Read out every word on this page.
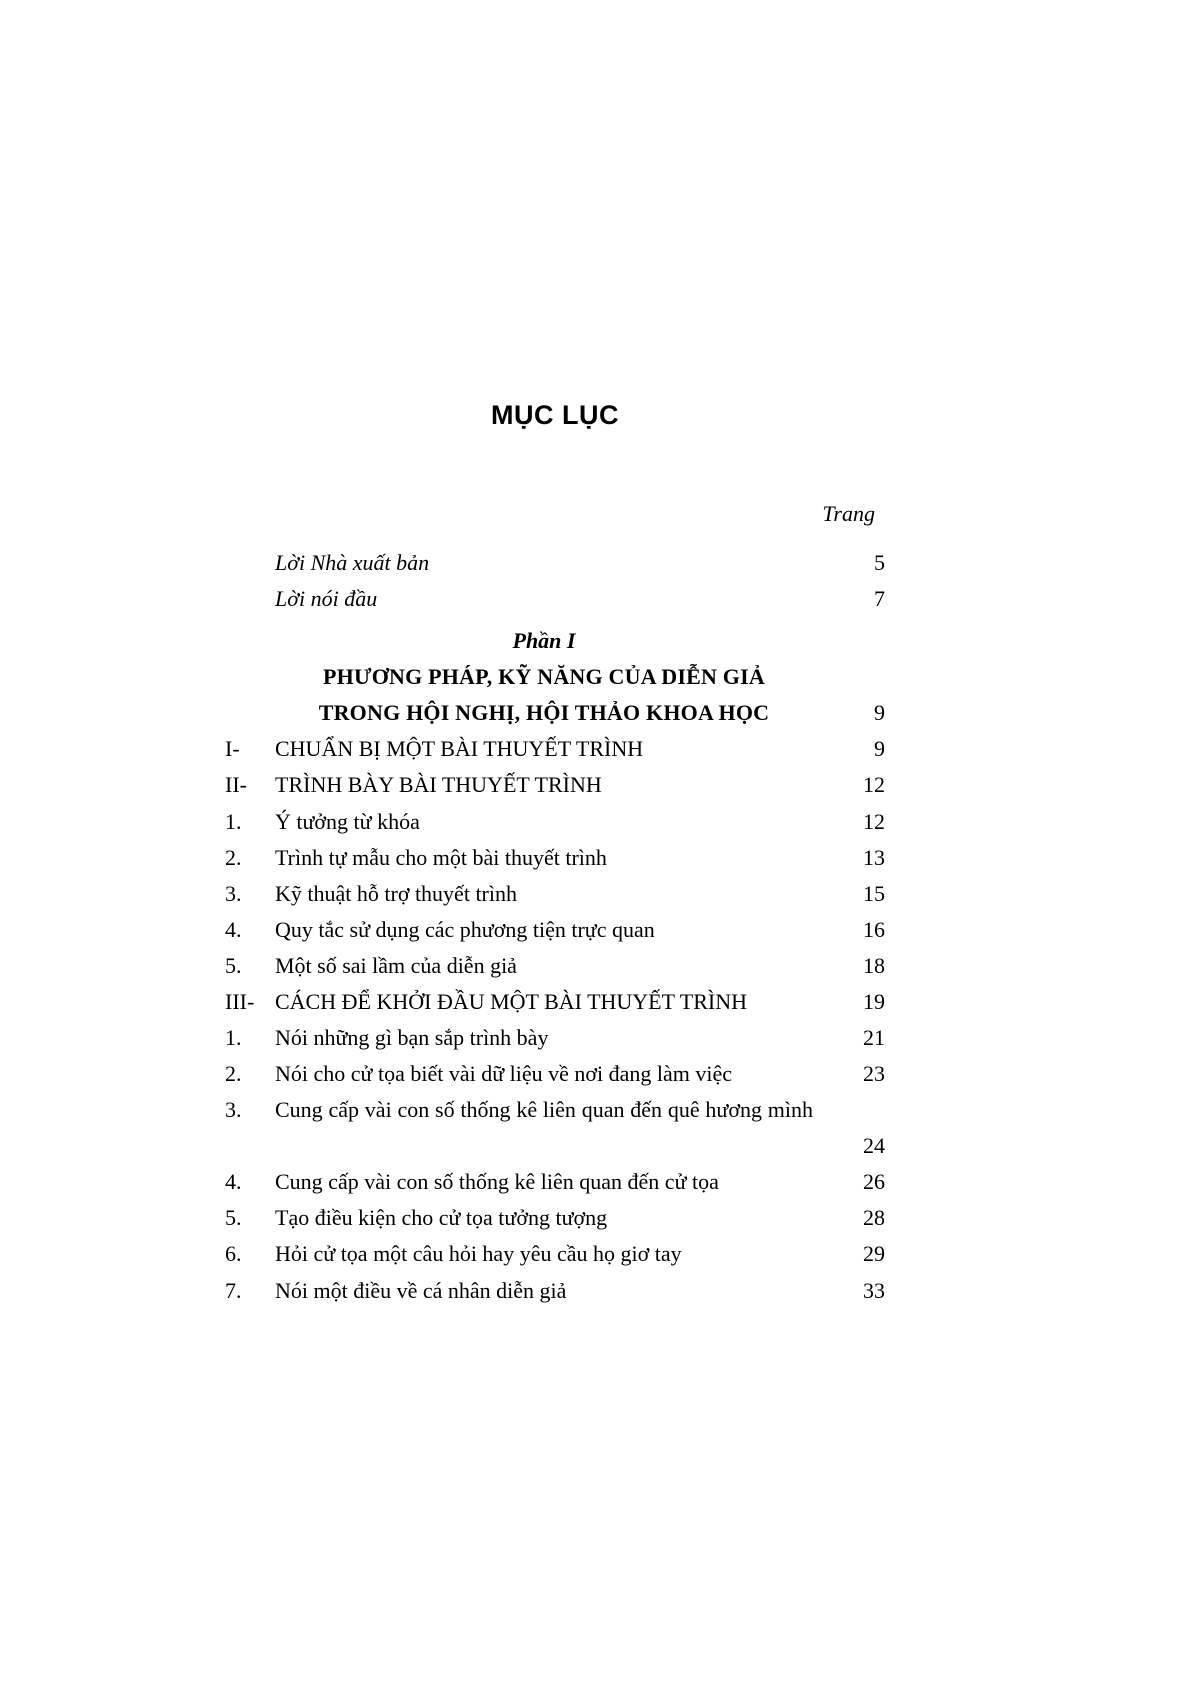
MỤC LỤC
Trang
	Lời Nhà xuất bản	5
	Lời nói đầu	7
	Phần I	
	PHƯƠNG PHÁP, KỸ NĂNG CỦA DIỄN GIẢ	
	TRONG HỘI NGHỊ, HỘI THẢO KHOA HỌC	9
I-	CHUẨN BỊ MỘT BÀI THUYẾT TRÌNH	9
II-	TRÌNH BÀY BÀI THUYẾT TRÌNH	12
1.	Ý tưởng từ khóa	12
2.	Trình tự mẫu cho một bài thuyết trình	13
3.	Kỹ thuật hỗ trợ thuyết trình	15
4.	Quy tắc sử dụng các phương tiện trực quan	16
5.	Một số sai lầm của diễn giả	18
III-	CÁCH ĐỂ KHỞI ĐẦU MỘT BÀI THUYẾT TRÌNH	19
1.	Nói những gì bạn sắp trình bày	21
2.	Nói cho cử tọa biết vài dữ liệu về nơi đang làm việc	23
3.	Cung cấp vài con số thống kê liên quan đến quê hương mình	
		24
4.	Cung cấp vài con số thống kê liên quan đến cử tọa	26
5.	Tạo điều kiện cho cử tọa tưởng tượng	28
6.	Hỏi cử tọa một câu hỏi hay yêu cầu họ giơ tay	29
7.	Nói một điều về cá nhân diễn giả	33
